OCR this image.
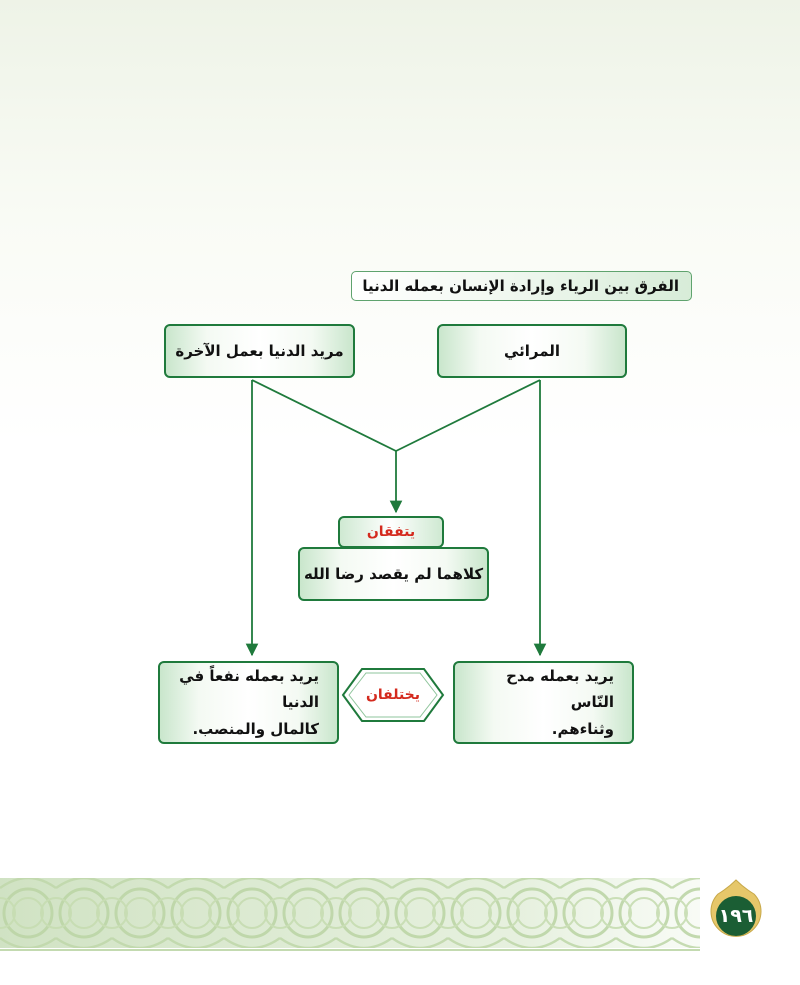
الفرق بين الرياء وإرادة الإنسان بعمله الدنيا
المرائي
مريد الدنيا بعمل الآخرة
يتفقان
كلاهما لم يقصد رضا الله
يختلفان
يريد بعمله مدح النّاس
وثناءهم.
يريد بعمله نفعاً في الدنيا
كالمال والمنصب.
١٩٦
